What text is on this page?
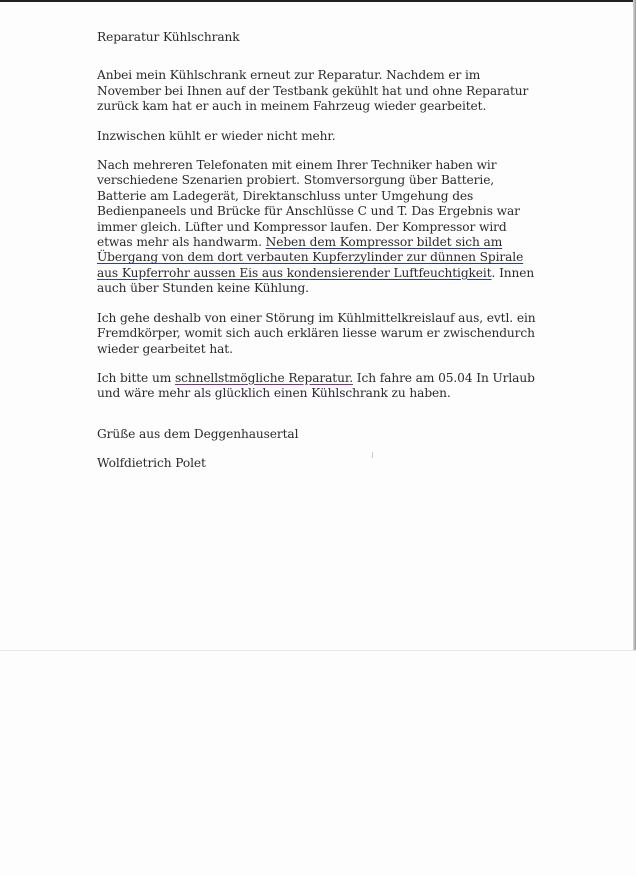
Reparatur Kühlschrank

Anbei mein Kühlschrank erneut zur Reparatur. Nachdem er im November bei Ihnen auf der Testbank gekühlt hat und ohne Reparatur zurück kam hat er auch in meinem Fahrzeug wieder gearbeitet.

Inzwischen kühlt er wieder nicht mehr.

Nach mehreren Telefonaten mit einem Ihrer Techniker haben wir verschiedene Szenarien probiert. Stomversorgung über Batterie, Batterie am Ladegerät, Direktanschluss unter Umgehung des Bedienpaneels und Brücke für Anschlüsse C und T. Das Ergebnis war immer gleich. Lüfter und Kompressor laufen. Der Kompressor wird etwas mehr als handwarm. Neben dem Kompressor bildet sich am Übergang von dem dort verbauten Kupferzylinder zur dünnen Spirale aus Kupferrohr aussen Eis aus kondensierender Luftfeuchtigkeit. Innen auch über Stunden keine Kühlung.

Ich gehe deshalb von einer Störung im Kühlmittelkreislauf aus, evtl. ein Fremdkörper, womit sich auch erklären liesse warum er zwischendurch wieder gearbeitet hat.

Ich bitte um schnellstmögliche Reparatur. Ich fahre am 05.04 In Urlaub und wäre mehr als glücklich einen Kühlschrank zu haben.

Grüße aus dem Deggenhausertal
Wolfdietrich Polet
